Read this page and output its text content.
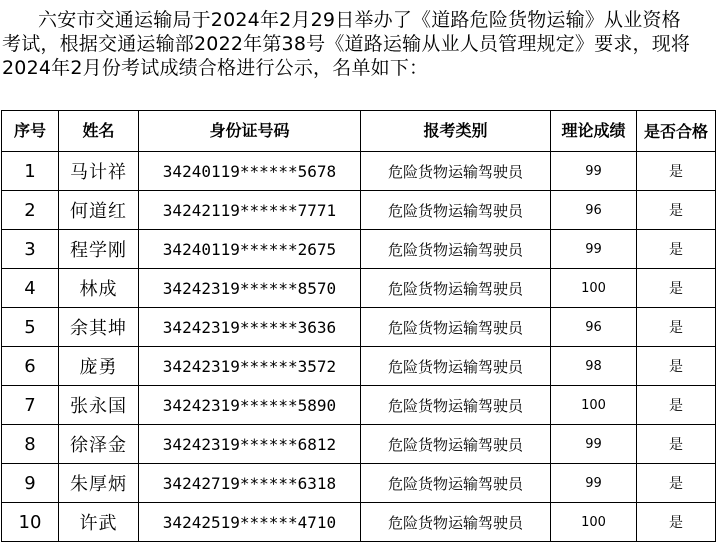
六安市交通运输局于2024年2月29日举办了《道路危险货物运输》从业资格
考试，根据交通运输部2022年第38号《道路运输从业人员管理规定》要求，现将
2024年2月份考试成绩合格进行公示，名单如下：
序号	姓名	身份证号码	报考类别	理论成绩	是否合格
1	马计祥	34240119******5678	危险货物运输驾驶员	99	是
2	何道红	34242119******7771	危险货物运输驾驶员	96	是
3	程学刚	34240119******2675	危险货物运输驾驶员	99	是
4	林成	34242319******8570	危险货物运输驾驶员	100	是
5	余其坤	34242319******3636	危险货物运输驾驶员	96	是
6	庞勇	34242319******3572	危险货物运输驾驶员	98	是
7	张永国	34242319******5890	危险货物运输驾驶员	100	是
8	徐泽金	34242319******6812	危险货物运输驾驶员	99	是
9	朱厚炳	34242719******6318	危险货物运输驾驶员	99	是
10	许武	34242519******4710	危险货物运输驾驶员	100	是
